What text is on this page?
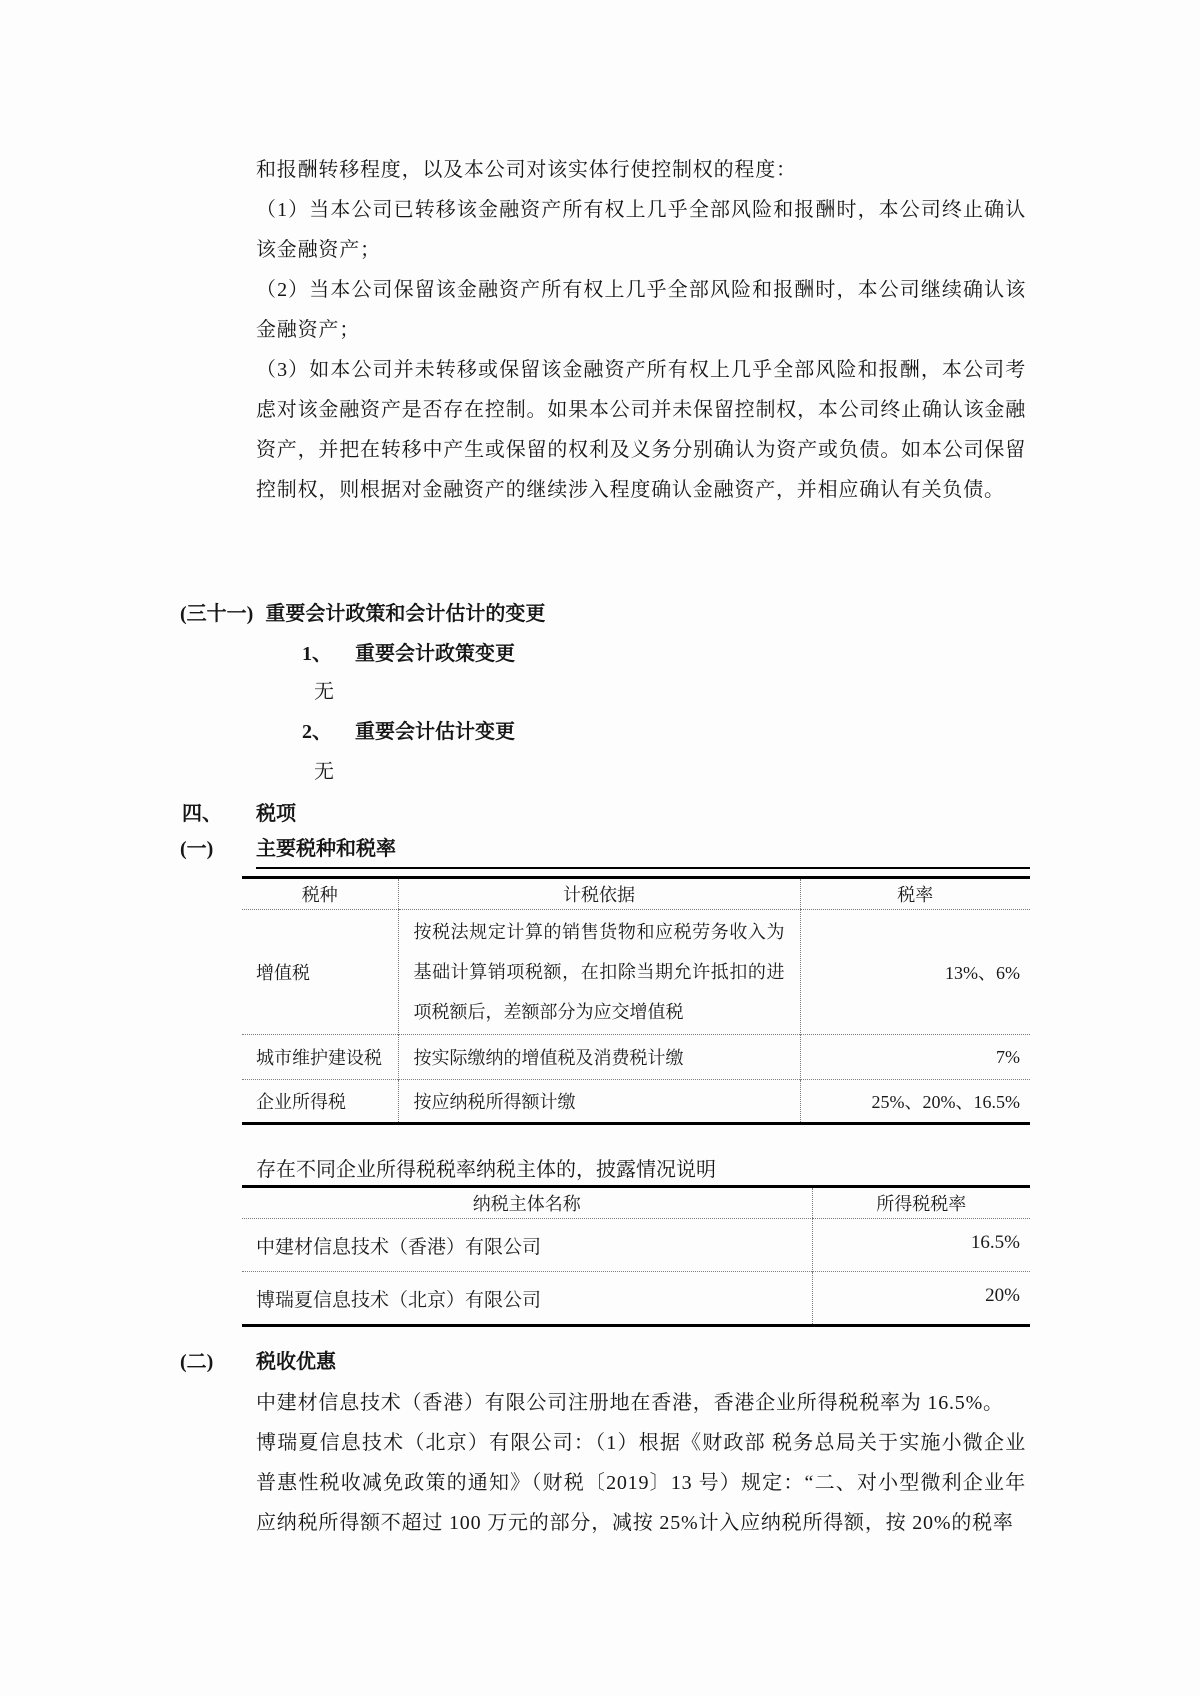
和报酬转移程度，以及本公司对该实体行使控制权的程度：

（1）当本公司已转移该金融资产所有权上几乎全部风险和报酬时，本公司终止确认该金融资产；

（2）当本公司保留该金融资产所有权上几乎全部风险和报酬时，本公司继续确认该金融资产；

（3）如本公司并未转移或保留该金融资产所有权上几乎全部风险和报酬，本公司考虑对该金融资产是否存在控制。如果本公司并未保留控制权，本公司终止确认该金融资产，并把在转移中产生或保留的权利及义务分别确认为资产或负债。如本公司保留控制权，则根据对金融资产的继续涉入程度确认金融资产，并相应确认有关负债。

(三十一) 重要会计政策和会计估计的变更
1、 重要会计政策变更
无
2、 重要会计估计变更
无
四、 税项
(一) 主要税种和税率
税种	计税依据	税率
增值税	按税法规定计算的销售货物和应税劳务收入为基础计算销项税额，在扣除当期允许抵扣的进项税额后，差额部分为应交增值税	13%、6%
城市维护建设税	按实际缴纳的增值税及消费税计缴	7%
企业所得税	按应纳税所得额计缴	25%、20%、16.5%
存在不同企业所得税税率纳税主体的，披露情况说明
纳税主体名称	所得税税率
中建材信息技术（香港）有限公司	16.5%
博瑞夏信息技术（北京）有限公司	20%
(二) 税收优惠

中建材信息技术（香港）有限公司注册地在香港，香港企业所得税税率为 16.5%。

博瑞夏信息技术（北京）有限公司：（1）根据《财政部 税务总局关于实施小微企业普惠性税收减免政策的通知》（财税〔2019〕13 号）规定：“二、对小型微利企业年应纳税所得额不超过 100 万元的部分，减按 25%计入应纳税所得额，按 20%的税率
